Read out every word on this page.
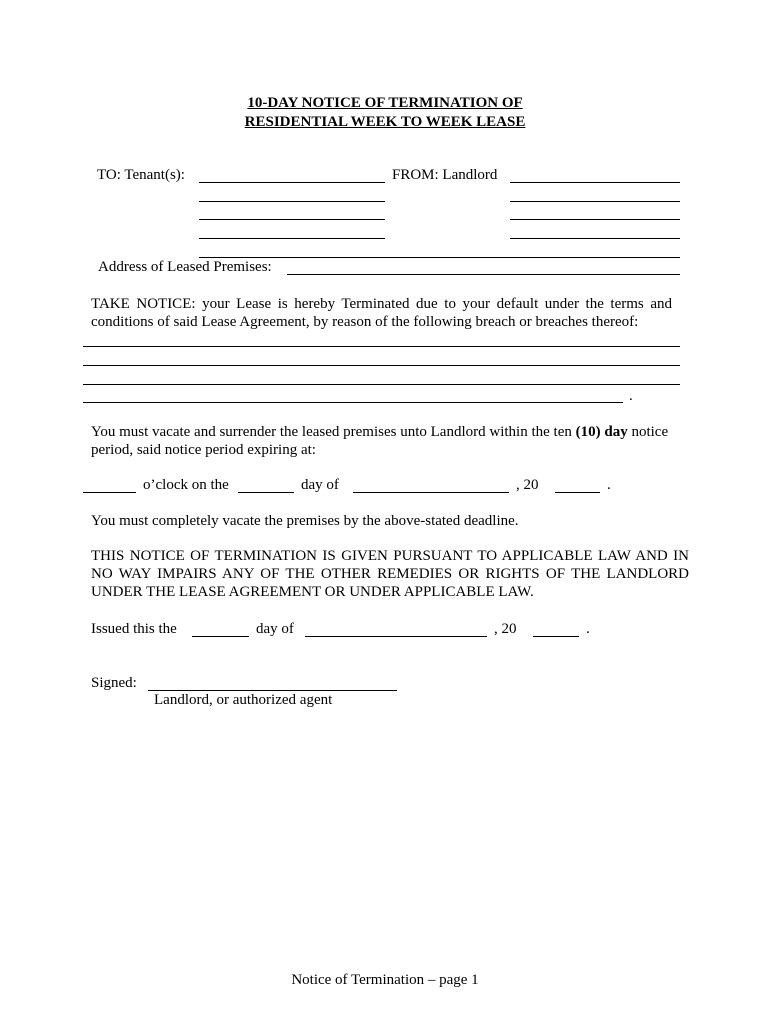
10-DAY NOTICE OF TERMINATION OF
RESIDENTIAL WEEK TO WEEK LEASE
TO: Tenant(s):	FROM: Landlord
Address of Leased Premises:
TAKE NOTICE: your Lease is hereby Terminated due to your default under the terms and conditions of said Lease Agreement, by reason of the following breach or breaches thereof:
.
You must vacate and surrender the leased premises unto Landlord within the ten (10) day notice period, said notice period expiring at:
o’clock on the	day of	, 20	.
You must completely vacate the premises by the above-stated deadline.
THIS NOTICE OF TERMINATION IS GIVEN PURSUANT TO APPLICABLE LAW AND IN NO WAY IMPAIRS ANY OF THE OTHER REMEDIES OR RIGHTS OF THE LANDLORD UNDER THE LEASE AGREEMENT OR UNDER APPLICABLE LAW.
Issued this the	day of	, 20	.
Signed:
Landlord, or authorized agent
Notice of Termination – page 1
